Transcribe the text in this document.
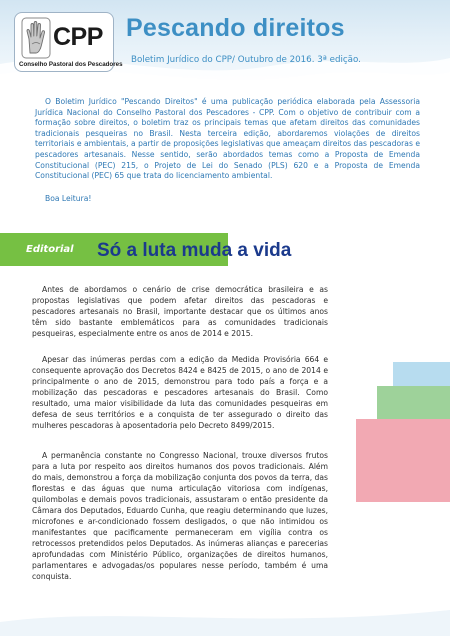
CPP
Conselho Pastoral dos Pescadores
Pescando direitos
Boletim Jurídico do CPP/ Outubro de 2016. 3ª edição.

O Boletim Jurídico "Pescando Direitos" é uma publicação periódica elaborada pela Assessoria Jurídica Nacional do Conselho Pastoral dos Pescadores - CPP. Com o objetivo de contribuir com a formação sobre direitos, o boletim traz os principais temas que afetam direitos das comunidades tradicionais pesqueiras no Brasil. Nesta terceira edição, abordaremos violações de direitos territoriais e ambientais, a partir de proposições legislativas que ameaçam direitos das pescadoras e pescadores artesanais. Nesse sentido, serão abordados temas como a Proposta de Emenda Constitucional (PEC) 215, o Projeto de Lei do Senado (PLS) 620 e a Proposta de Emenda Constitucional (PEC) 65 que trata do licenciamento ambiental.

Boa Leitura!
Editorial Só a luta muda a vida

Antes de abordamos o cenário de crise democrática brasileira e as propostas legislativas que podem afetar direitos das pescadoras e pescadores artesanais no Brasil, importante destacar que os últimos anos têm sido bastante emblemáticos para as comunidades tradicionais pesqueiras, especialmente entre os anos de 2014 e 2015.

Apesar das inúmeras perdas com a edição da Medida Provisória 664 e consequente aprovação dos Decretos 8424 e 8425 de 2015, o ano de 2014 e principalmente o ano de 2015, demonstrou para todo país a força e a mobilização das pescadoras e pescadores artesanais do Brasil. Como resultado, uma maior visibilidade da luta das comunidades pesqueiras em defesa de seus territórios e a conquista de ter assegurado o direito das mulheres pescadoras à aposentadoria pelo Decreto 8499/2015.

A permanência constante no Congresso Nacional, trouxe diversos frutos para a luta por respeito aos direitos humanos dos povos tradicionais. Além do mais, demonstrou a força da mobilização conjunta dos povos da terra, das florestas e das águas que numa articulação vitoriosa com indígenas, quilombolas e demais povos tradicionais, assustaram o então presidente da Câmara dos Deputados, Eduardo Cunha, que reagiu determinando que luzes, microfones e ar-condicionado fossem desligados, o que não intimidou os manifestantes que pacificamente permaneceram em vigília contra os retrocessos pretendidos pelos Deputados. As inúmeras alianças e parecerias aprofundadas com Ministério Público, organizações de direitos humanos, parlamentares e advogadas/os populares nesse período, também é uma conquista.
